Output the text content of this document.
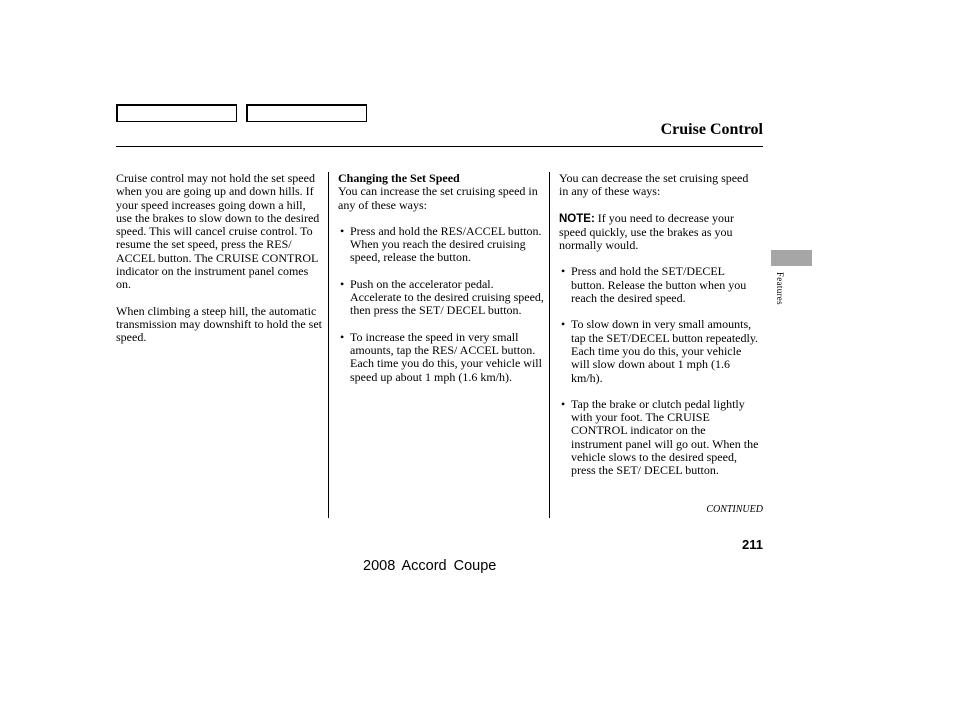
Cruise Control

Cruise control may not hold the set speed when you are going up and down hills. If your speed increases going down a hill, use the brakes to slow down to the desired speed. This will cancel cruise control. To resume the set speed, press the RES/ ACCEL button. The CRUISE CONTROL indicator on the instrument panel comes on.

When climbing a steep hill, the automatic transmission may downshift to hold the set speed.

Changing the Set Speed

You can increase the set cruising speed in any of these ways:

• Press and hold the RES/ACCEL button. When you reach the desired cruising speed, release the button.
• Push on the accelerator pedal. Accelerate to the desired cruising speed, then press the SET/ DECEL button.
• To increase the speed in very small amounts, tap the RES/ ACCEL button. Each time you do this, your vehicle will speed up about 1 mph (1.6 km/h).

You can decrease the set cruising speed in any of these ways:

NOTE: If you need to decrease your speed quickly, use the brakes as you normally would.

• Press and hold the SET/DECEL button. Release the button when you reach the desired speed.
• To slow down in very small amounts, tap the SET/DECEL button repeatedly. Each time you do this, your vehicle will slow down about 1 mph (1.6 km/h).
• Tap the brake or clutch pedal lightly with your foot. The CRUISE CONTROL indicator on the instrument panel will go out. When the vehicle slows to the desired speed, press the SET/ DECEL button.
Features
CONTINUED
211
2008 Accord Coupe
